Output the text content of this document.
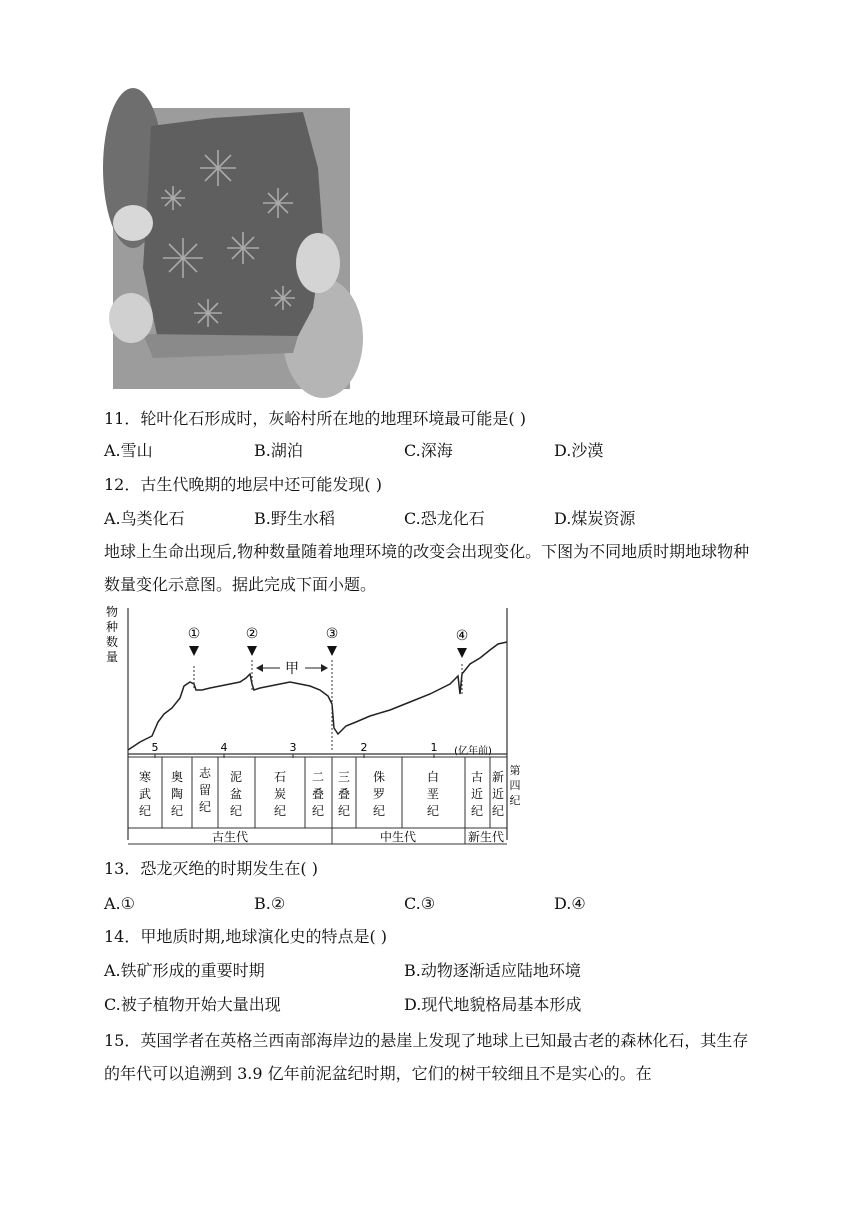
11．轮叶化石形成时，灰峪村所在地的地理环境最可能是( )
A.雪山	B.湖泊	C.深海	D.沙漠
12．古生代晚期的地层中还可能发现( )
A.鸟类化石	B.野生水稻	C.恐龙化石	D.煤炭资源
地球上生命出现后,物种数量随着地理环境的改变会出现变化。下图为不同地质时期地球物种数量变化示意图。据此完成下面小题。
物
种
数
量
①	②	③	④
甲
5	4	3	2	1 (亿年前)
寒武纪
奥陶纪
志留纪
泥盆纪
石炭纪
二叠纪
三叠纪
侏罗纪
白垩纪
古近纪
新近纪
第四纪
古生代	中生代	新生代
13．恐龙灭绝的时期发生在( )
A.①	B.②	C.③	D.④
14．甲地质时期,地球演化史的特点是( )
A.铁矿形成的重要时期	B.动物逐渐适应陆地环境
C.被子植物开始大量出现	D.现代地貌格局基本形成
15．英国学者在英格兰西南部海岸边的悬崖上发现了地球上已知最古老的森林化石，其生存的年代可以追溯到 3.9 亿年前泥盆纪时期，它们的树干较细且不是实心的。在
